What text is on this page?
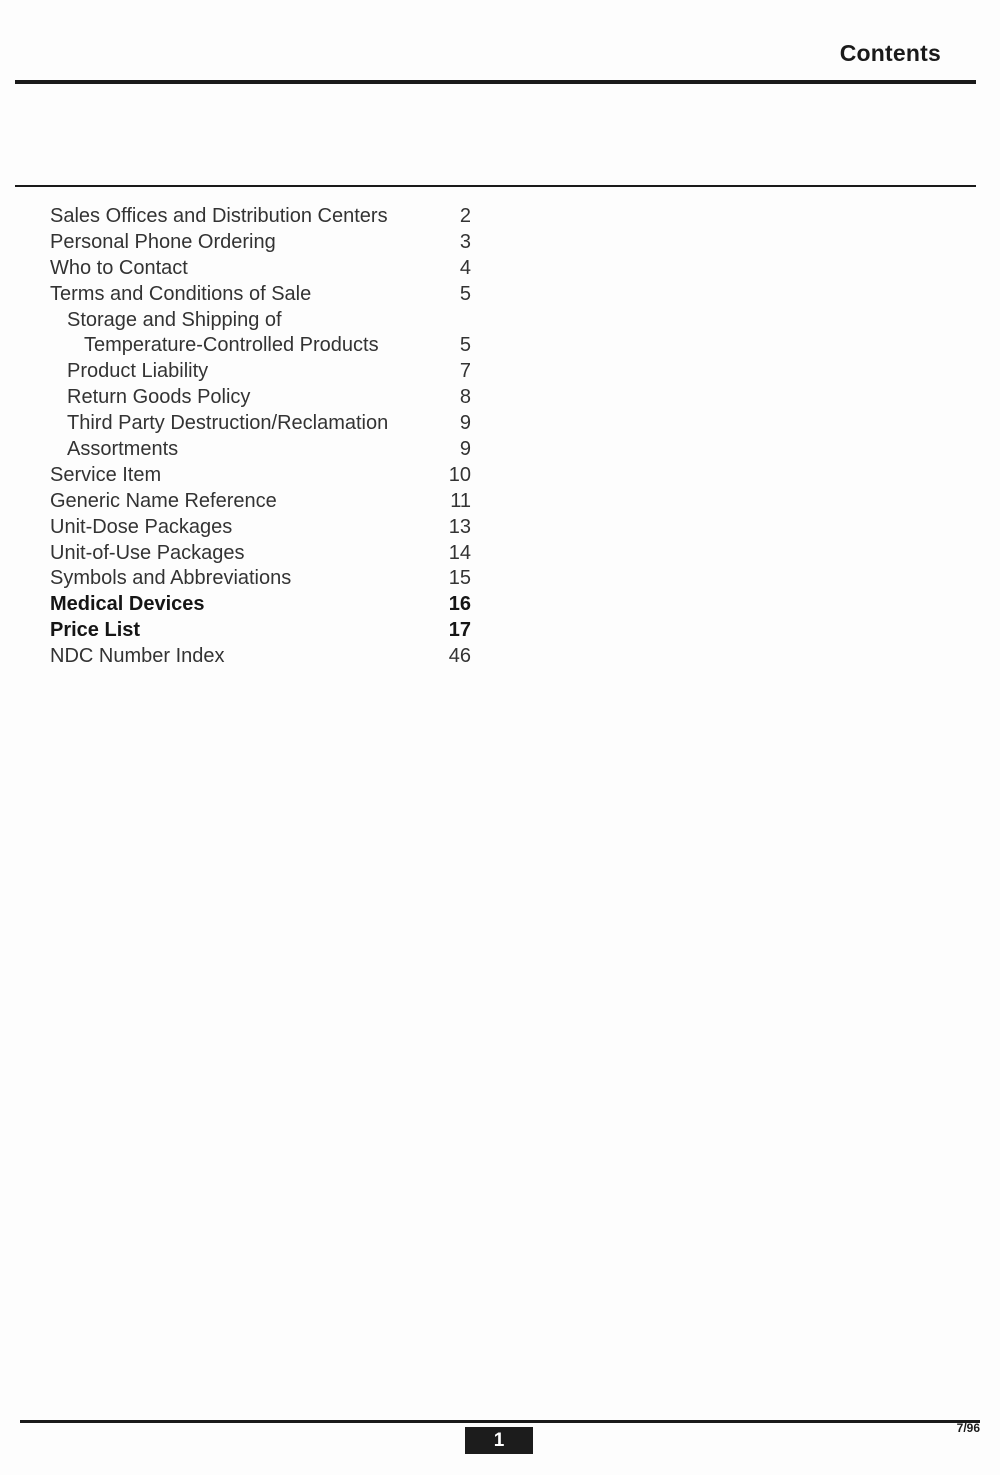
Contents
Sales Offices and Distribution Centers	2
Personal Phone Ordering	3
Who to Contact	4
Terms and Conditions of Sale	5
Storage and Shipping of
Temperature-Controlled Products	5
Product Liability	7
Return Goods Policy	8
Third Party Destruction/Reclamation	9
Assortments	9
Service Item	10
Generic Name Reference	11
Unit-Dose Packages	13
Unit-of-Use Packages	14
Symbols and Abbreviations	15
Medical Devices	16
Price List	17
NDC Number Index	46
1
7/96
